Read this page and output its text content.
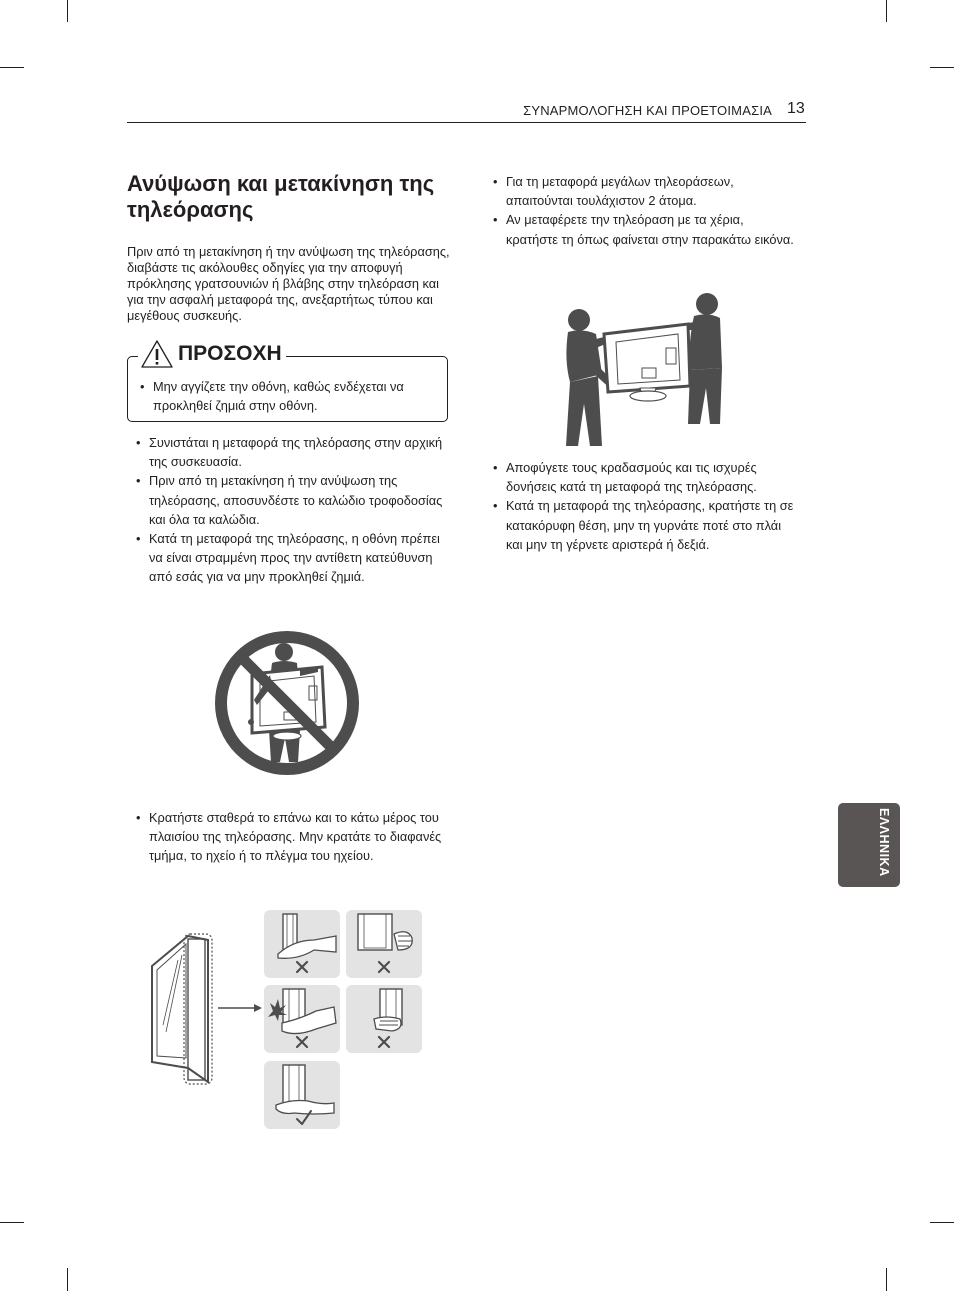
ΣΥΝΑΡΜΟΛΟΓΗΣΗ ΚΑΙ ΠΡΟΕΤΟΙΜΑΣΙΑ 13
Ανύψωση και μετακίνηση της τηλεόρασης

Πριν από τη μετακίνηση ή την ανύψωση της τηλεόρασης, διαβάστε τις ακόλουθες οδηγίες για την αποφυγή πρόκλησης γρατσουνιών ή βλάβης στην τηλεόραση και για την ασφαλή μεταφορά της, ανεξαρτήτως τύπου και μεγέθους συσκευής.

• Μην αγγίζετε την οθόνη, καθώς ενδέχεται να προκληθεί ζημιά στην οθόνη.
ΠΡΟΣΟΧΗ
• Συνιστάται η μεταφορά της τηλεόρασης στην αρχική της συσκευασία.
• Πριν από τη μετακίνηση ή την ανύψωση της τηλεόρασης, αποσυνδέστε το καλώδιο τροφοδοσίας και όλα τα καλώδια.
• Κατά τη μεταφορά της τηλεόρασης, η οθόνη πρέπει να είναι στραμμένη προς την αντίθετη κατεύθυνση από εσάς για να μην προκληθεί ζημιά.
• Κρατήστε σταθερά το επάνω και το κάτω μέρος του πλαισίου της τηλεόρασης. Μην κρατάτε το διαφανές τμήμα, το ηχείο ή το πλέγμα του ηχείου.
• Για τη μεταφορά μεγάλων τηλεοράσεων, απαιτούνται τουλάχιστον 2 άτομα.
• Αν μεταφέρετε την τηλεόραση με τα χέρια, κρατήστε τη όπως φαίνεται στην παρακάτω εικόνα.
• Αποφύγετε τους κραδασμούς και τις ισχυρές δονήσεις κατά τη μεταφορά της τηλεόρασης.
• Κατά τη μεταφορά της τηλεόρασης, κρατήστε τη σε κατακόρυφη θέση, μην τη γυρνάτε ποτέ στο πλάι και μην τη γέρνετε αριστερά ή δεξιά.
ΕΛΛΗΝΙΚΑ
